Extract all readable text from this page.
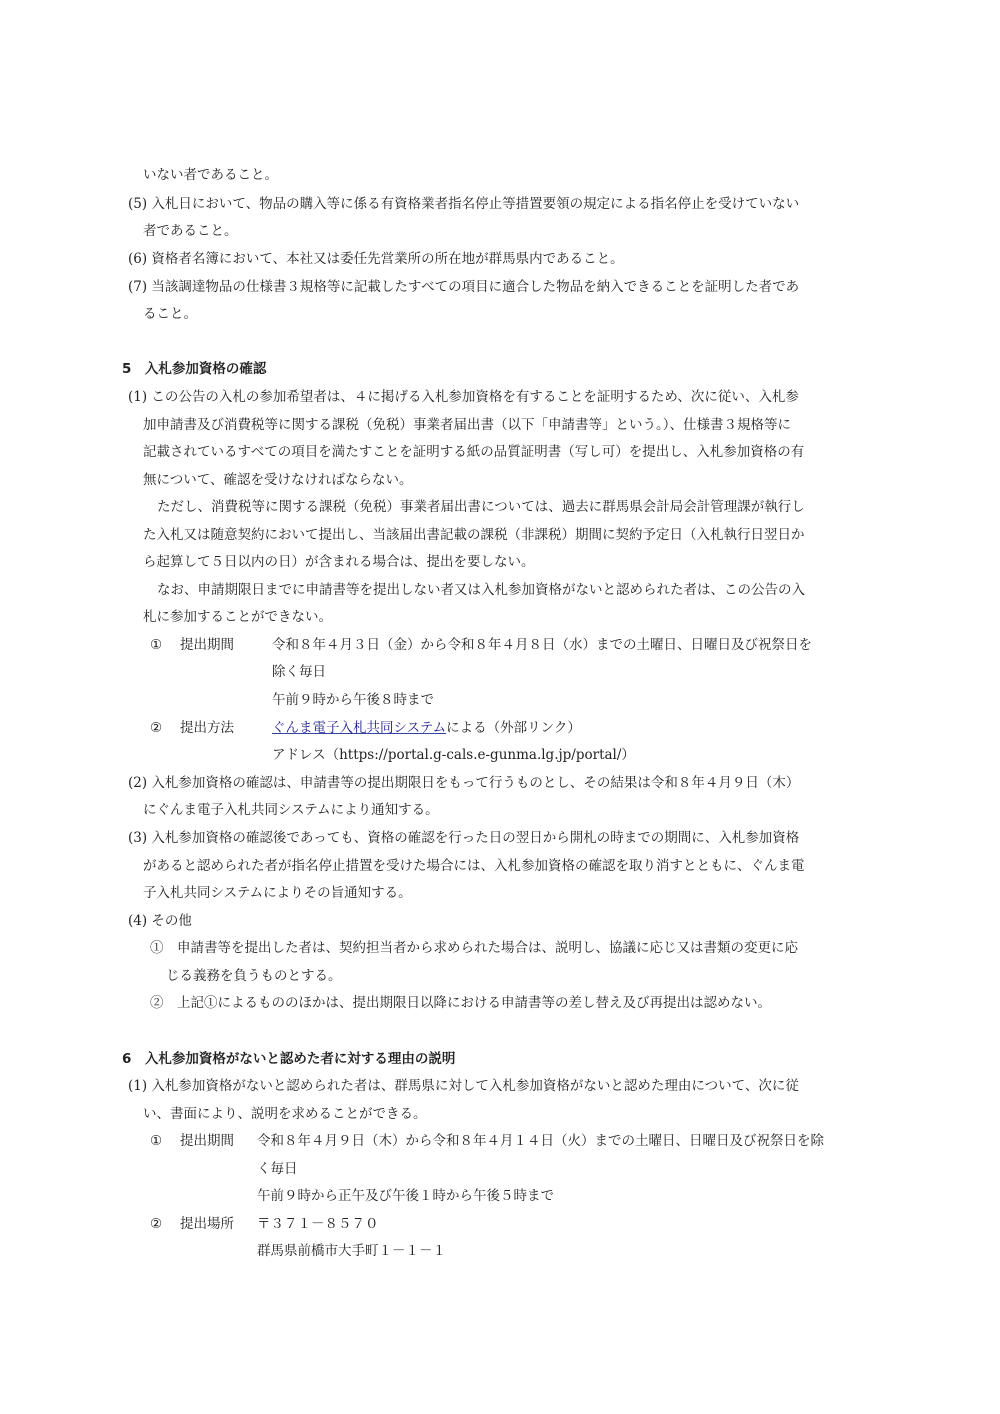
いない者であること。
(5) 入札日において、物品の購入等に係る有資格業者指名停止等措置要領の規定による指名停止を受けていない
者であること。
(6) 資格者名簿において、本社又は委任先営業所の所在地が群馬県内であること。
(7) 当該調達物品の仕様書３規格等に記載したすべての項目に適合した物品を納入できることを証明した者であ
ること。
5　入札参加資格の確認
(1) この公告の入札の参加希望者は、４に掲げる入札参加資格を有することを証明するため、次に従い、入札参
加申請書及び消費税等に関する課税（免税）事業者届出書（以下「申請書等」という。）、仕様書３規格等に
記載されているすべての項目を満たすことを証明する紙の品質証明書（写し可）を提出し、入札参加資格の有
無について、確認を受けなければならない。
ただし、消費税等に関する課税（免税）事業者届出書については、過去に群馬県会計局会計管理課が執行し
た入札又は随意契約において提出し、当該届出書記載の課税（非課税）期間に契約予定日（入札執行日翌日か
ら起算して５日以内の日）が含まれる場合は、提出を要しない。
なお、申請期限日までに申請書等を提出しない者又は入札参加資格がないと認められた者は、この公告の入
札に参加することができない。
① 提出期間	令和８年４月３日（金）から令和８年４月８日（水）までの土曜日、日曜日及び祝祭日を
除く毎日
午前９時から午後８時まで
② 提出方法	ぐんま電子入札共同システムによる（外部リンク）
アドレス（https://portal.g-cals.e-gunma.lg.jp/portal/）
(2) 入札参加資格の確認は、申請書等の提出期限日をもって行うものとし、その結果は令和８年４月９日（木）
にぐんま電子入札共同システムにより通知する。
(3) 入札参加資格の確認後であっても、資格の確認を行った日の翌日から開札の時までの期間に、入札参加資格
があると認められた者が指名停止措置を受けた場合には、入札参加資格の確認を取り消すとともに、ぐんま電
子入札共同システムによりその旨通知する。
(4) その他
①　申請書等を提出した者は、契約担当者から求められた場合は、説明し、協議に応じ又は書類の変更に応
じる義務を負うものとする。
②　上記①によるもののほかは、提出期限日以降における申請書等の差し替え及び再提出は認めない。
6　入札参加資格がないと認めた者に対する理由の説明
(1) 入札参加資格がないと認められた者は、群馬県に対して入札参加資格がないと認めた理由について、次に従
い、書面により、説明を求めることができる。
① 提出期間 令和８年４月９日（木）から令和８年４月１４日（火）までの土曜日、日曜日及び祝祭日を除
く毎日
午前９時から正午及び午後１時から午後５時まで
② 提出場所 〒３７１－８５７０
群馬県前橋市大手町１－１－１
